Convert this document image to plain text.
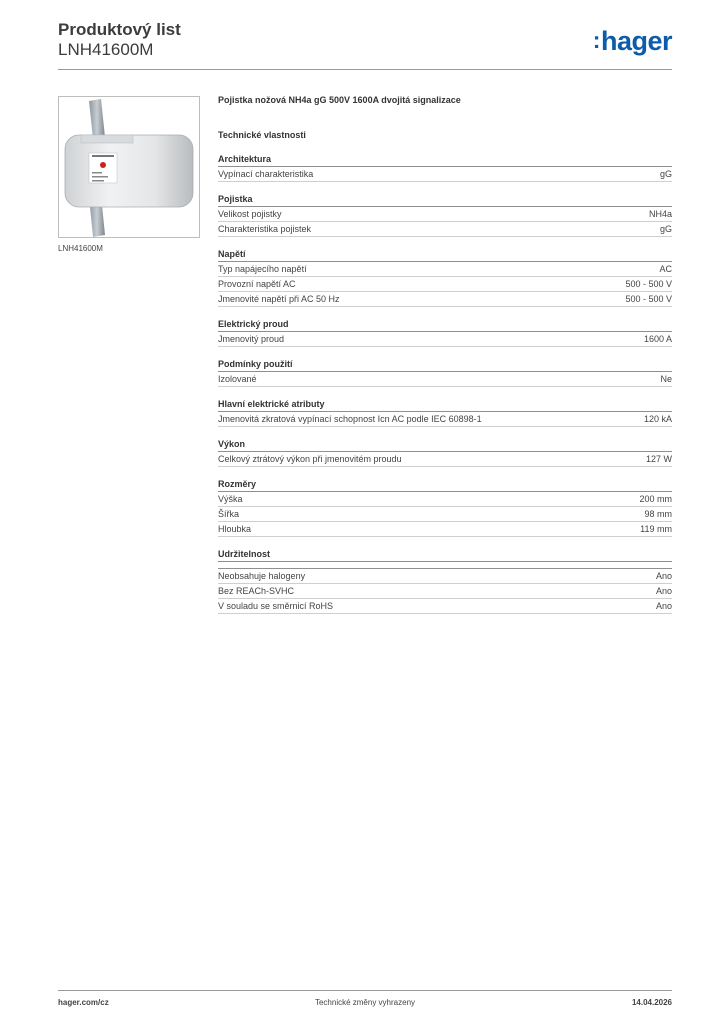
Produktový list
LNH41600M	:hager
LNH41600M
Pojistka nožová NH4a gG 500V 1600A dvojitá signalizace
Technické vlastnosti
Architektura
Vypínací charakteristika	gG
Pojistka
Velikost pojistky	NH4a
Charakteristika pojistek	gG
Napětí
Typ napájecího napětí	AC
Provozní napětí AC	500 - 500 V
Jmenovité napětí při AC 50 Hz	500 - 500 V
Elektrický proud
Jmenovitý proud	1600 A
Podmínky použití
Izolované	Ne
Hlavní elektrické atributy
Jmenovitá zkratová vypínací schopnost Icn AC podle IEC 60898-1	120 kA
Výkon
Celkový ztrátový výkon při jmenovitém proudu	127 W
Rozměry
Výška	200 mm
Šířka	98 mm
Hloubka	119 mm
Udržitelnost
Neobsahuje halogeny	Ano
Bez REACh-SVHC	Ano
V souladu se směrnicí RoHS	Ano
hager.com/cz	Technické změny vyhrazeny	14.04.2026
